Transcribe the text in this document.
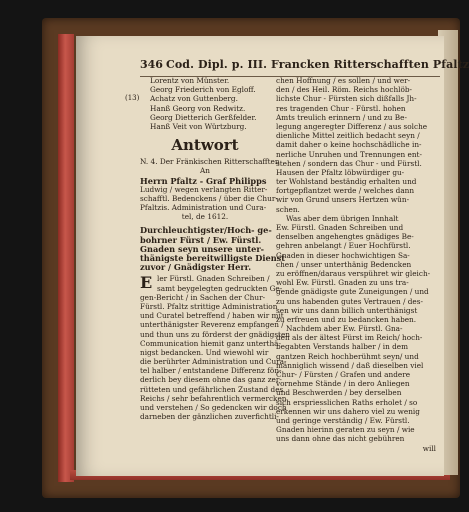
346 Cod. Dipl. p. III. Francken Ritterschafften Pfaltz
Lorentz von Münster.
Georg Friederich von Egloff.
(13) Achatz von Guttenberg.
Hanß Georg von Redwitz.
Georg Dietterich Gerßfelder.
Hanß Veit von Würtzburg.
Antwort
N. 4. Der Fränkischen Ritterschafften
An
Herrn Pfaltz - Graf Philipps
Ludwig / wegen verlangten Ritter-
schafftl. Bedenckens / über die Chur-
Pfaltzis. Administration und Cura-
tel, de 1612.
Durchleuchtigster/Hoch- ge-
bohrner Fürst / Ew. Fürstl.
Gnaden seyn unsere unter-
thänigste bereitwilligste Dienst
zuvor / Gnädigster Herr.
E ler Fürstl. Gnaden Schreiben /
samt beygelegten gedruckten Ge-
gen-Bericht / in Sachen der Chur-
Fürstl. Pfaltz strittige Administration
und Curatel betreffend / haben wir mit
unterthänigster Reverenz empfangen /
und thun uns zu förderst der gnädigsten
Communication hiemit ganz unterthä-
nigst bedancken. Und wiewohl wir
die berührter Administration und Cura-
tel halber / entstandene Differenz fön-
derlich bey diesem ohne das ganz zer-
rütteten und gefährlichen Zustand des
Reichs / sehr befahrentlich vermercken
und verstehen / So gedencken wir doch
darneben der gänzlichen zuverfichtli-
chen Hoffnung / es sollen / und wer-
den / des Heil. Röm. Reichs hochlöb-
lichste Chur - Fürsten sich dißfalls Jh-
res tragenden Chur - Fürstl. hohen
Amts treulich erinnern / und zu Be-
legung angeregter Differenz / aus solche
dienliche Mittel zeitlich bedacht seyn /
damit daher o keine hochschädliche in-
nerliche Unruhen und Trennungen ent-
stehen / sondern das Chur - und Fürstl.
Hausen der Pfaltz löbwürdiger gu-
ter Wohlstand beständig erhalten und
fortgepflantzet werde / welches dann
wir von Grund unsers Hertzen wün-
schen.
Was aber dem übrigen Innhalt
Ew. Fürstl. Gnaden Schreiben und
denselben angehengtes gnädiges Be-
gehren anbelangt / Euer Hochfürstl.
Gnaden in dieser hochwichtigen Sa-
chen / unser unterthänig Bedencken
zu eröffnen/daraus verspühret wir gleich-
wohl Ew. Fürstl. Gnaden zu uns tra-
gende gnädigste gute Zuneigungen / und
zu uns habenden gutes Vertrauen / des-
sen wir uns dann billich unterthänigst
zu erfreuen und zu bedancken haben.
Nachdem aber Ew. Fürstl. Gna-
den als der ältest Fürst im Reich/ hoch-
begabten Verstands halber / in dem
gantzen Reich hochberühmt seyn/ und
männiglich wissend / daß dieselben viel
Chur- / Fürsten / Grafen und andere
vornehme Stände / in dero Anliegen
und Beschwerden / bey derselben
sich erspriesslichen Raths erholet / so
erkennen wir uns dahero viel zu wenig
und geringe verständig / Ew. Fürstl.
Gnaden hierinn geraten zu seyn / wie
uns dann ohne das nicht gebühren
will
